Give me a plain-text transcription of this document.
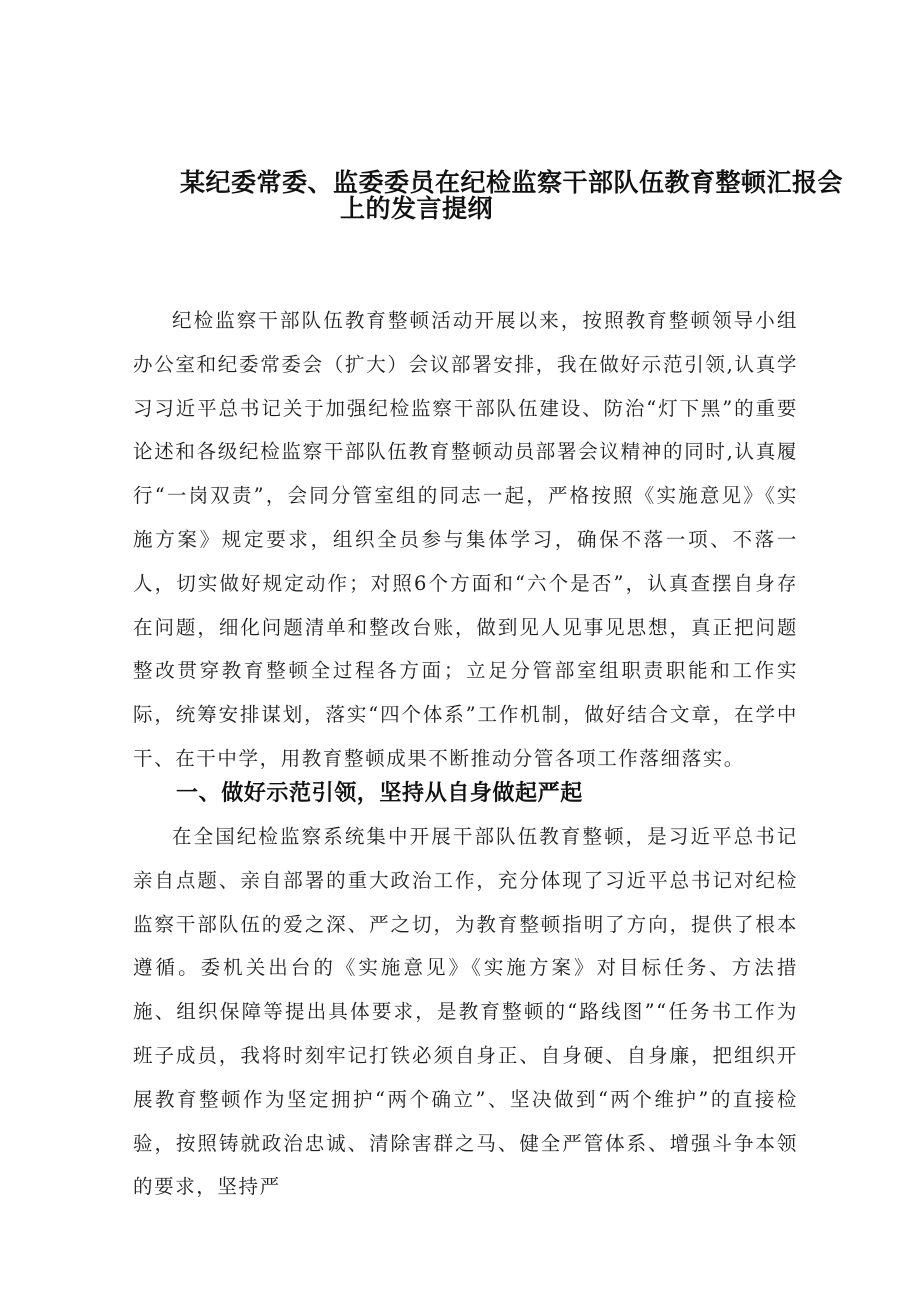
某纪委常委、监委委员在纪检监察干部队伍教育整顿汇报会
上的发言提纲
纪检监察干部队伍教育整顿活动开展以来，按照教育整顿领导小组办公室和纪委常委会（扩大）会议部署安排，我在做好示范引领,认真学习习近平总书记关于加强纪检监察干部队伍建设、防治“灯下黑”的重要论述和各级纪检监察干部队伍教育整顿动员部署会议精神的同时,认真履行“一岗双责”，会同分管室组的同志一起，严格按照《实施意见》《实施方案》规定要求，组织全员参与集体学习，确保不落一项、不落一人，切实做好规定动作；对照6个方面和“六个是否”，认真查摆自身存在问题，细化问题清单和整改台账，做到见人见事见思想，真正把问题整改贯穿教育整顿全过程各方面；立足分管部室组职责职能和工作实际，统筹安排谋划，落实“四个体系”工作机制，做好结合文章，在学中干、在干中学，用教育整顿成果不断推动分管各项工作落细落实。
一、做好示范引领，坚持从自身做起严起
在全国纪检监察系统集中开展干部队伍教育整顿，是习近平总书记亲自点题、亲自部署的重大政治工作，充分体现了习近平总书记对纪检监察干部队伍的爱之深、严之切，为教育整顿指明了方向，提供了根本遵循。委机关出台的《实施意见》《实施方案》对目标任务、方法措施、组织保障等提出具体要求，是教育整顿的“路线图”“任务书工作为班子成员，我将时刻牢记打铁必须自身正、自身硬、自身廉，把组织开展教育整顿作为坚定拥护“两个确立”、坚决做到“两个维护”的直接检验，按照铸就政治忠诚、清除害群之马、健全严管体系、增强斗争本领的要求，坚持严
